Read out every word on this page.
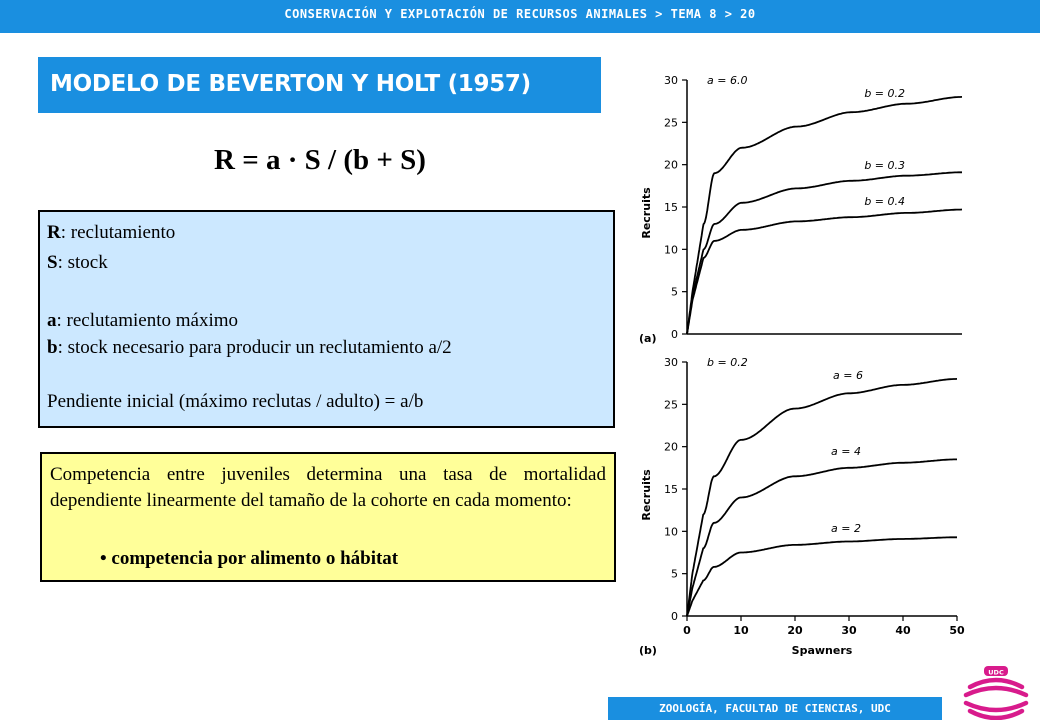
CONSERVACIÓN Y EXPLOTACIÓN DE RECURSOS ANIMALES > TEMA 8 > 20
MODELO DE BEVERTON Y HOLT (1957)
R = a · S / (b + S)
R: reclutamiento
S: stock
a: reclutamiento máximo
b: stock necesario para producir un reclutamiento a/2
Pendiente inicial (máximo reclutas / adulto) = a/b
Competencia entre juveniles determina una tasa de mortalidad dependiente linearmente del tamaño de la cohorte en cada momento:
• competencia por alimento o hábitat
0
5
10
15
20
25
30
Recruits
(a)
a = 6.0
b = 0.2
b = 0.3
b = 0.4
0
5
10
15
20
25
30
0	10	20	30	40	50
Spawners
Recruits
(b)
b = 0.2
a = 6
a = 4
a = 2
ZOOLOGÍA, FACULTAD DE CIENCIAS, UDC
UDC
